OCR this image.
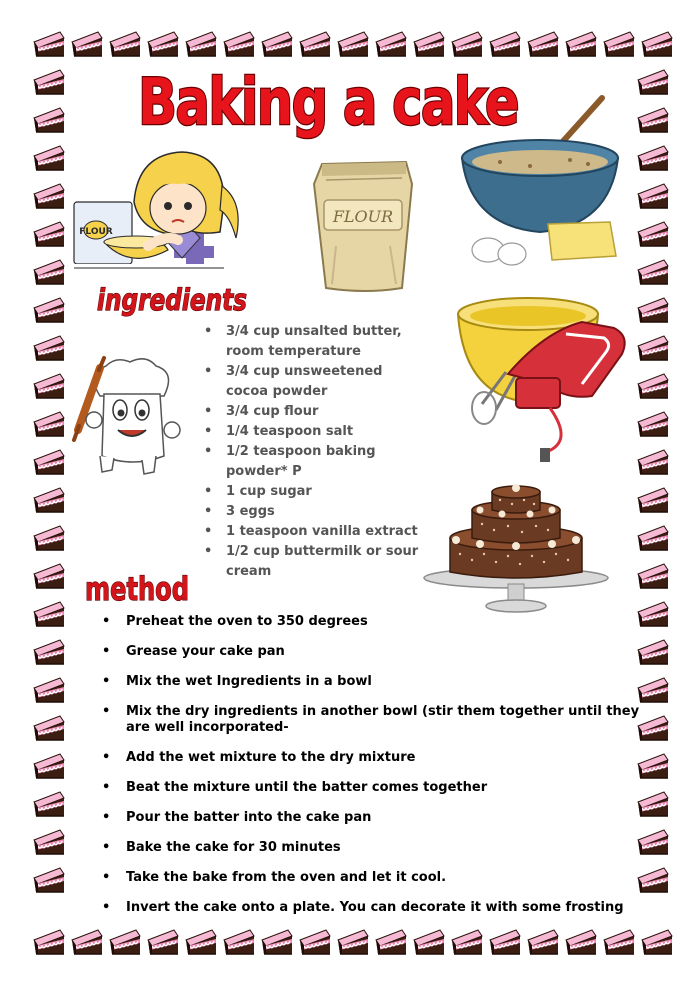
Baking a cake
FLOUR
FLOUR
ingredients
• 3/4 cup unsalted butter, room temperature
• 3/4 cup unsweetened cocoa powder
• 3/4 cup flour
• 1/4 teaspoon salt
• 1/2 teaspoon baking powder* P
• 1 cup sugar
• 3 eggs
• 1 teaspoon vanilla extract
• 1/2 cup buttermilk or sour cream
method
• Preheat the oven to 350 degrees
• Grease your cake pan
• Mix the wet Ingredients in a bowl
• Mix the dry ingredients in another bowl (stir them together until they are well incorporated-
• Add the wet mixture to the dry mixture
• Beat the mixture until the batter comes together
• Pour the batter into the cake pan
• Bake the cake for 30 minutes
• Take the bake from the oven and let it cool.
• Invert the cake onto a plate. You can decorate it with some frosting
